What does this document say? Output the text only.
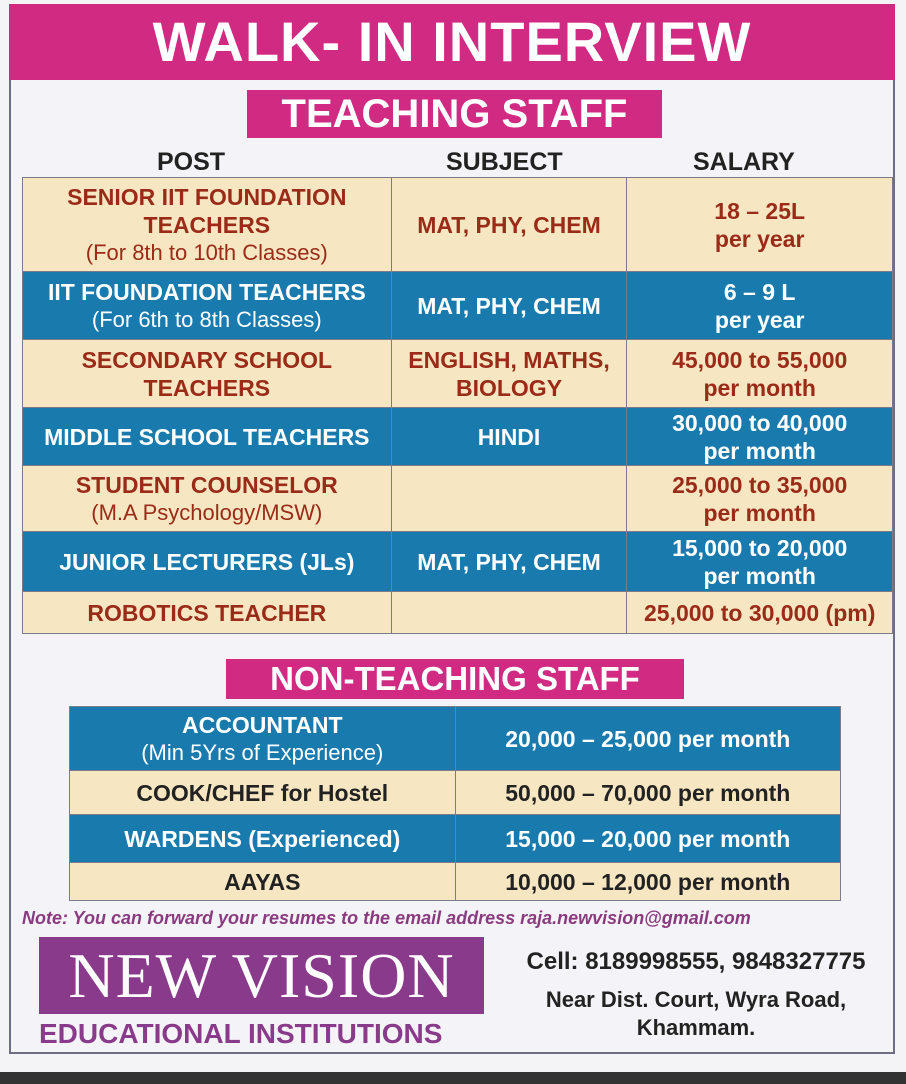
WALK- IN INTERVIEW
TEACHING STAFF
POST	SUBJECT	SALARY
SENIOR IIT FOUNDATION TEACHERS
(For 8th to 10th Classes)	MAT, PHY, CHEM	18 – 25L
per year

IIT FOUNDATION TEACHERS
(For 6th to 8th Classes)	MAT, PHY, CHEM	6 – 9 L
per year

SECONDARY SCHOOL TEACHERS	ENGLISH, MATHS, BIOLOGY	45,000 to 55,000
per month

MIDDLE SCHOOL TEACHERS	HINDI	30,000 to 40,000
per month

STUDENT COUNSELOR
(M.A Psychology/MSW)		25,000 to 35,000
per month

JUNIOR LECTURERS (JLs)	MAT, PHY, CHEM	15,000 to 20,000
per month

ROBOTICS TEACHER		25,000 to 30,000 (pm)
NON-TEACHING STAFF
ACCOUNTANT
(Min 5Yrs of Experience)	20,000 – 25,000 per month
COOK/CHEF for Hostel	50,000 – 70,000 per month
WARDENS (Experienced)	15,000 – 20,000 per month
AAYAS	10,000 – 12,000 per month
Note: You can forward your resumes to the email address raja.newvision@gmail.com
NEW VISION
EDUCATIONAL INSTITUTIONS
Cell: 8189998555, 9848327775
Near Dist. Court, Wyra Road,
Khammam.
